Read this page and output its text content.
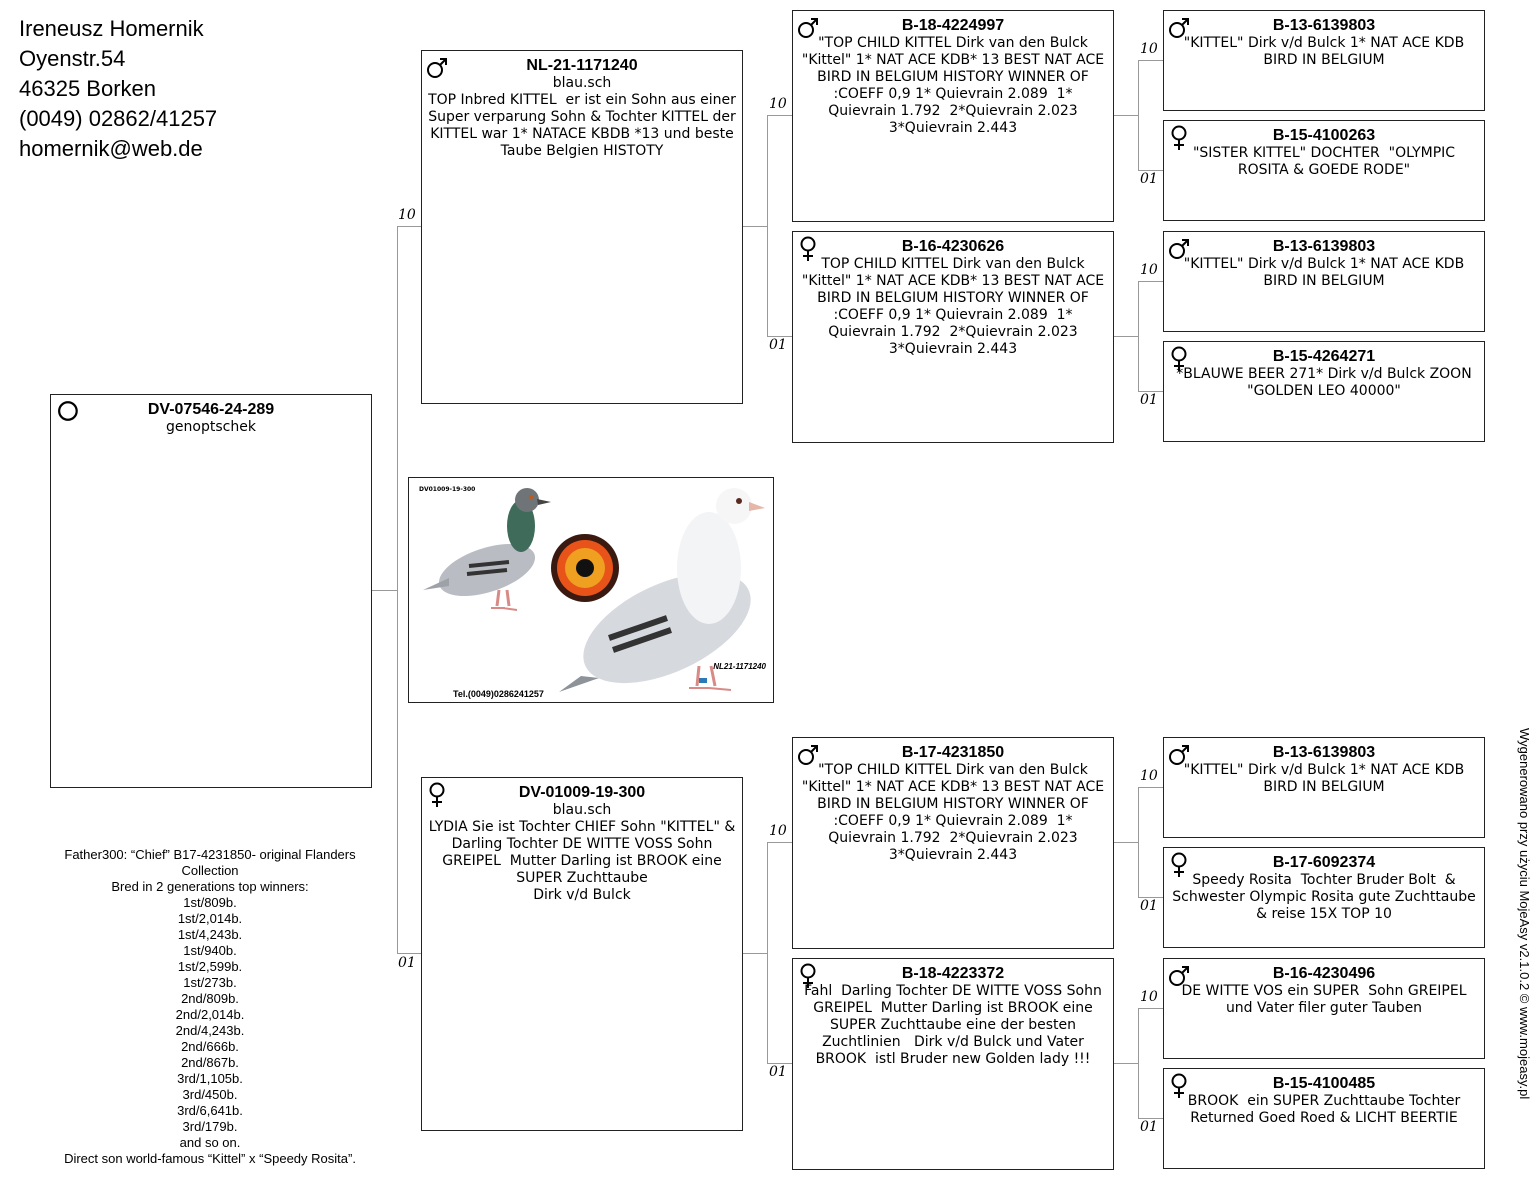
Ireneusz Homernik
Oyenstr.54
46325 Borken
(0049) 02862/41257
homernik@web.de
10
01
10
01
10
01
10
01
10
01
10
01
10
01
DV-07546-24-289
genoptschek
NL-21-1171240
blau.sch
TOP Inbred KITTEL  er ist ein Sohn aus einer Super verparung Sohn & Tochter KITTEL der KITTEL war 1* NATACE KBDB *13 und beste Taube Belgien HISTOTY
DV-01009-19-300
blau.sch
LYDIA Sie ist Tochter CHIEF Sohn "KITTEL" & Darling Tochter DE WITTE VOSS Sohn GREIPEL  Mutter Darling ist BROOK eine SUPER Zuchttaube
Dirk v/d Bulck
B-18-4224997
"TOP CHILD KITTEL Dirk van den Bulck "Kittel" 1* NAT ACE KDB* 13 BEST NAT ACE BIRD IN BELGIUM HISTORY WINNER OF :COEFF 0,9 1* Quievrain 2.089  1* Quievrain 1.792  2*Quievrain 2.023  3*Quievrain 2.443
B-16-4230626
TOP CHILD KITTEL Dirk van den Bulck "Kittel" 1* NAT ACE KDB* 13 BEST NAT ACE BIRD IN BELGIUM HISTORY WINNER OF :COEFF 0,9 1* Quievrain 2.089  1* Quievrain 1.792  2*Quievrain 2.023  3*Quievrain 2.443
B-17-4231850
"TOP CHILD KITTEL Dirk van den Bulck "Kittel" 1* NAT ACE KDB* 13 BEST NAT ACE BIRD IN BELGIUM HISTORY WINNER OF :COEFF 0,9 1* Quievrain 2.089  1* Quievrain 1.792  2*Quievrain 2.023  3*Quievrain 2.443
B-18-4223372
Fahl  Darling Tochter DE WITTE VOSS Sohn GREIPEL  Mutter Darling ist BROOK eine SUPER Zuchttaube eine der besten Zuchtlinien   Dirk v/d Bulck und Vater BROOK  istl Bruder new Golden lady !!!
B-13-6139803
"KITTEL" Dirk v/d Bulck 1* NAT ACE KDB BIRD IN BELGIUM
B-15-4100263
"SISTER KITTEL" DOCHTER  "OLYMPIC ROSITA & GOEDE RODE"
B-13-6139803
"KITTEL" Dirk v/d Bulck 1* NAT ACE KDB BIRD IN BELGIUM
B-15-4264271
*BLAUWE BEER 271* Dirk v/d Bulck ZOON "GOLDEN LEO 40000"
B-13-6139803
"KITTEL" Dirk v/d Bulck 1* NAT ACE KDB BIRD IN BELGIUM
B-17-6092374
Speedy Rosita  Tochter Bruder Bolt  & Schwester Olympic Rosita gute Zuchttaube & reise 15X TOP 10
B-16-4230496
DE WITTE VOS ein SUPER  Sohn GREIPEL  und Vater filer guter Tauben
B-15-4100485
BROOK  ein SUPER Zuchttaube Tochter Returned Goed Roed & LICHT BEERTIE
DV01009-19-300
NL21-1171240
Tel.(0049)0286241257
Father300: “Chief” B17-4231850- original Flanders Collection
Bred in 2 generations top winners:
1st/809b.
1st/2,014b.
1st/4,243b.
1st/940b.
1st/2,599b.
1st/273b.
2nd/809b.
2nd/2,014b.
2nd/4,243b.
2nd/666b.
2nd/867b.
3rd/1,105b.
3rd/450b.
3rd/6,641b.
3rd/179b.
and so on.
Direct son world-famous “Kittel” x “Speedy Rosita”.
Wygenerowano przy użyciu MojeAsy v2.1.0.2 © www.mojeasy.pl
